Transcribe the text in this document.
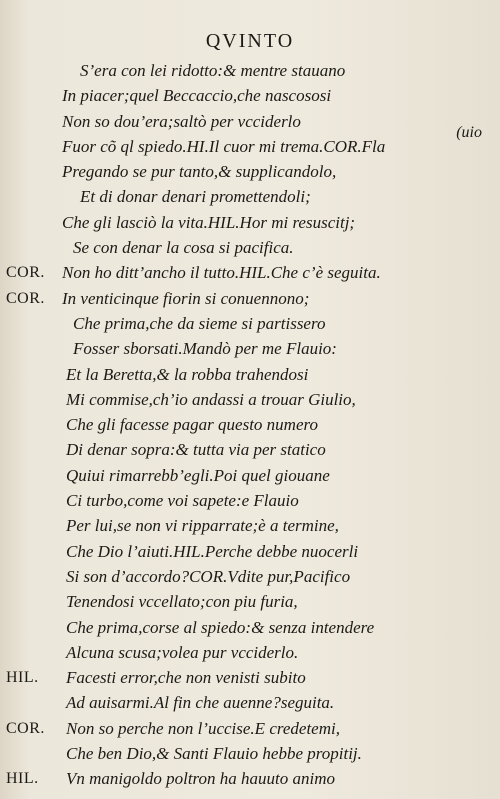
QVINTO
S’era con lei ridotto:& mentre stauano
In piacer;quel Beccaccio,che nascososi
Non so dou’era;saltò per vcciderlo
Fuor cõ ql spiedo.HI.Il cuor mi trema.COR.Fla
(uio
Pregando se pur tanto,& supplicandolo,
Et di donar denari promettendoli;
Che gli lasciò la vita.HIL.Hor mi resuscitj;
Se con denar la cosa si pacifica.
COR.	Non ho ditt’ancho il tutto.HIL.Che c’è seguita.
COR.	In venticinque fiorin si conuennono;
Che prima,che da sieme si partissero
Fosser sborsati.Mandò per me Flauio:
Et la Beretta,& la robba trahendosi
Mi commise,ch’io andassi a trouar Giulio,
Che gli facesse pagar questo numero
Di denar sopra:& tutta via per statico
Quiui rimarrebb’egli.Poi quel giouane
Ci turbo,come voi sapete:e Flauio
Per lui,se non vi ripparrate;è a termine,
Che Dio l’aiuti.HIL.Perche debbe nuocerli
Si son d’accordo?COR.Vdite pur,Pacifico
Tenendosi vccellato;con piu furia,
Che prima,corse al spiedo:& senza intendere
Alcuna scusa;volea pur vcciderlo.
HIL.	Facesti error,che non venisti subito
Ad auisarmi.Al fin che auenne?seguita.
COR.	Non so perche non l’uccise.E credetemi,
Che ben Dio,& Santi Flauio hebbe propitij.
HIL.	Vn manigoldo poltron ha hauuto animo
